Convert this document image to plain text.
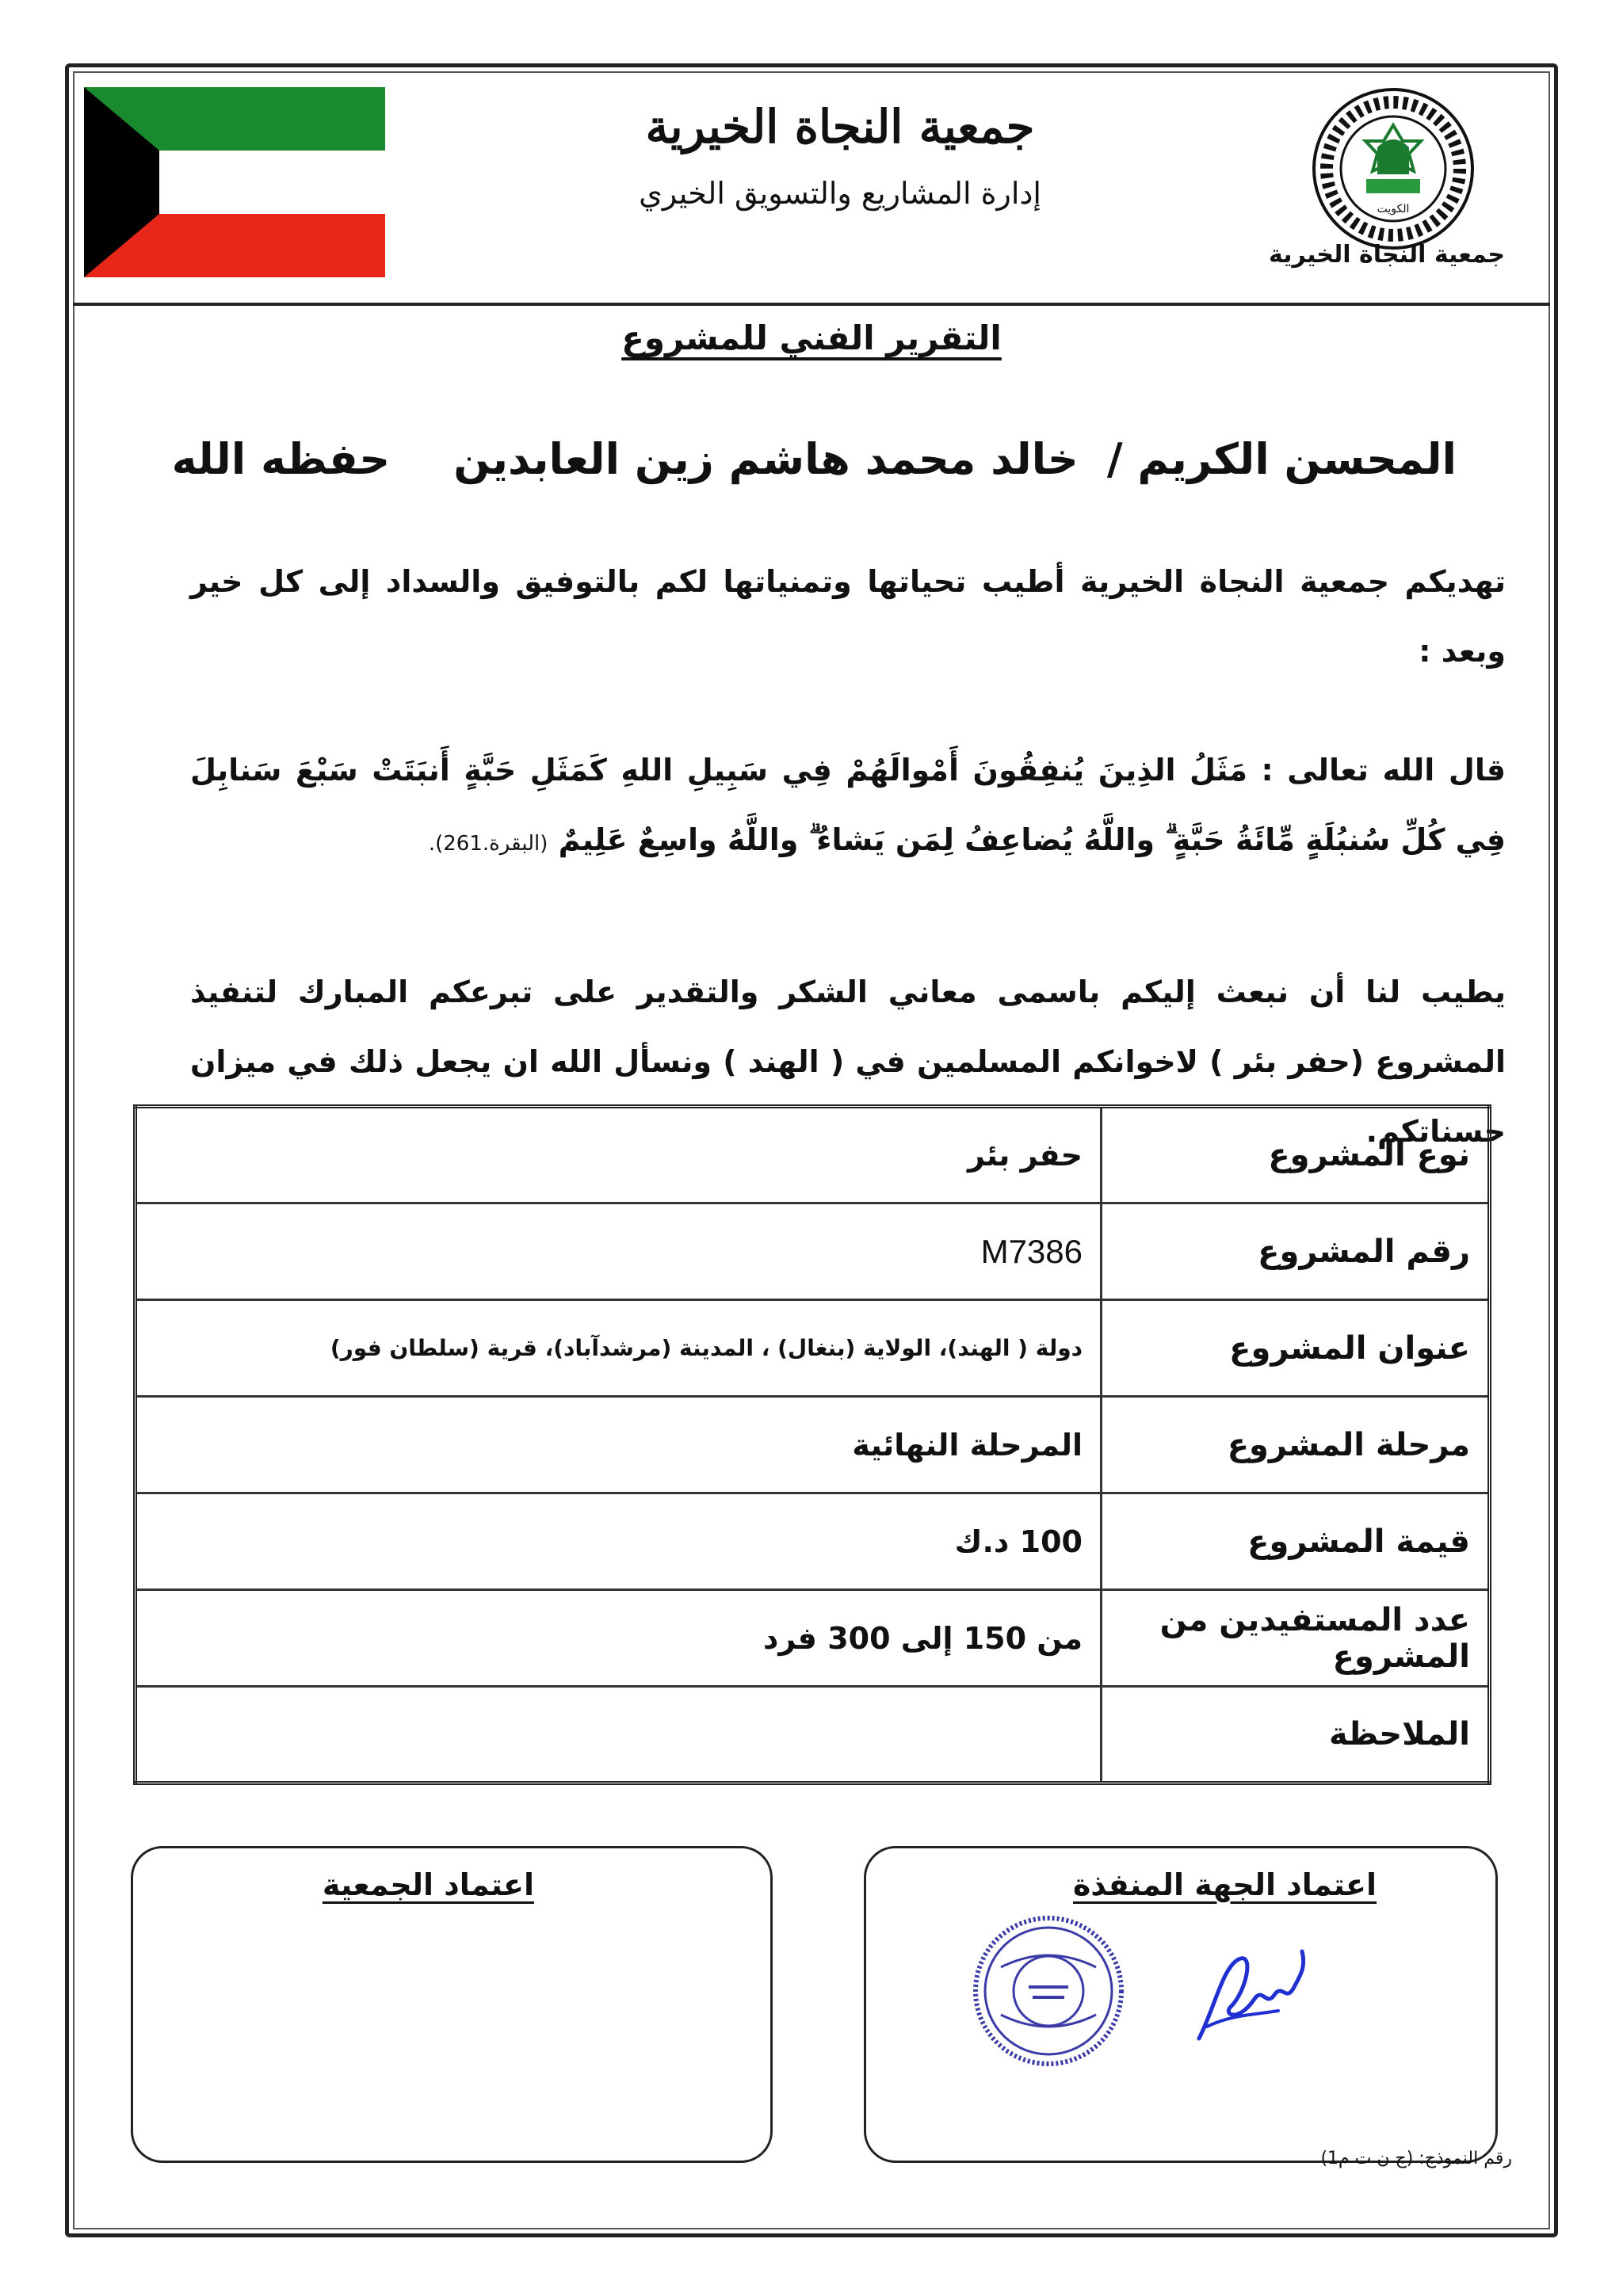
الكويت
جمعية النجاة الخيرية
جمعية النجاة الخيرية
إدارة المشاريع والتسويق الخيري
التقرير الفني للمشروع
المحسن الكريم /خالد محمد هاشم زين العابدينحفظه الله
تهديكم جمعية النجاة الخيرية أطيب تحياتها وتمنياتها لكم بالتوفيق والسداد إلى كل خير وبعد :
قال الله تعالى : مَثَلُ الذِينَ يُنفِقُونَ أَمْوالَهُمْ فِي سَبِيلِ اللهِ كَمَثَلِ حَبَّةٍ أَنبَتَتْ سَبْعَ سَنابِلَ فِي كُلِّ سُنبُلَةٍ مِّائَةُ حَبَّةٍ ۗ واللَّهُ يُضاعِفُ لِمَن يَشاءُ ۗ واللَّهُ واسِعٌ عَلِيمٌ (البقرة.261).
يطيب لنا أن نبعث إليكم باسمى معاني الشكر والتقدير على تبرعكم المبارك لتنفيذ المشروع (حفر بئر ) لاخوانكم المسلمين في ( الهند ) ونسأل الله ان يجعل ذلك في ميزان حسناتكم.
نوع المشروع	حفر بئر
رقم المشروع	M7386
عنوان المشروع	دولة ( الهند)، الولاية (بنغال) ، المدينة (مرشدآباد)، قرية (سلطان فور)
مرحلة المشروع	المرحلة النهائية
قيمة المشروع	100 د.ك
عدد المستفيدين من المشروع	من 150 إلى 300 فرد
الملاحظة	
اعتماد الجهة المنفذة
اعتماد الجمعية
رقم النموذج: (ج ن ت م1)
